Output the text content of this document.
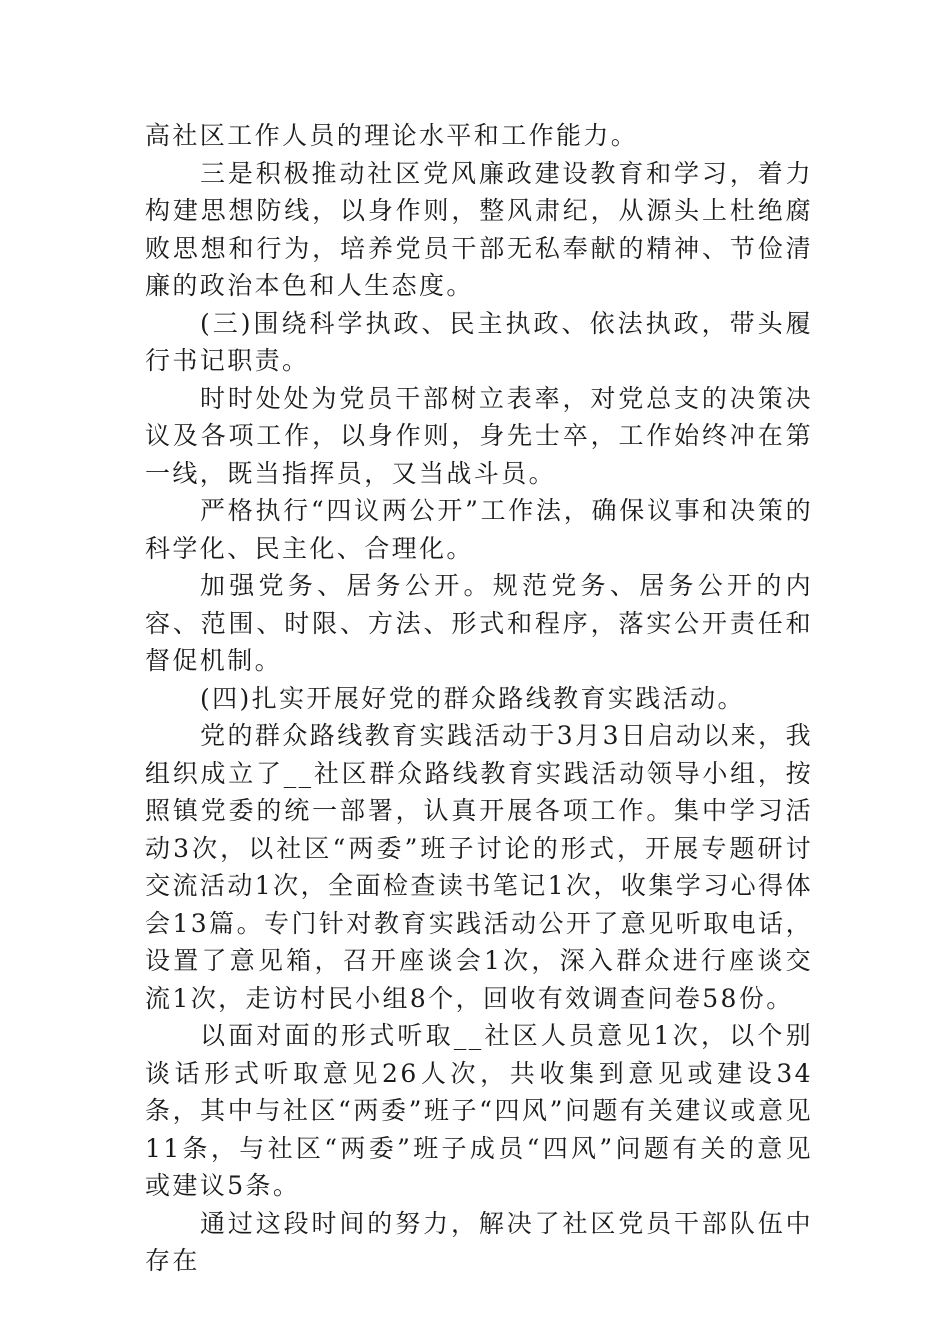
高社区工作人员的理论水平和工作能力。

三是积极推动社区党风廉政建设教育和学习，着力构建思想防线，以身作则，整风肃纪，从源头上杜绝腐败思想和行为，培养党员干部无私奉献的精神、节俭清廉的政治本色和人生态度。

(三)围绕科学执政、民主执政、依法执政，带头履行书记职责。

时时处处为党员干部树立表率，对党总支的决策决议及各项工作，以身作则，身先士卒，工作始终冲在第一线，既当指挥员，又当战斗员。

严格执行“四议两公开”工作法，确保议事和决策的科学化、民主化、合理化。

加强党务、居务公开。规范党务、居务公开的内容、范围、时限、方法、形式和程序，落实公开责任和督促机制。

(四)扎实开展好党的群众路线教育实践活动。

党的群众路线教育实践活动于3月3日启动以来，我组织成立了__社区群众路线教育实践活动领导小组，按照镇党委的统一部署，认真开展各项工作。集中学习活动3次，以社区“两委”班子讨论的形式，开展专题研讨交流活动1次，全面检查读书笔记1次，收集学习心得体会13篇。专门针对教育实践活动公开了意见听取电话，设置了意见箱，召开座谈会1次，深入群众进行座谈交流1次，走访村民小组8个，回收有效调查问卷58份。

以面对面的形式听取__社区人员意见1次，以个别谈话形式听取意见26人次，共收集到意见或建设34条，其中与社区“两委”班子“四风”问题有关建议或意见11条，与社区“两委”班子成员“四风”问题有关的意见或建议5条。

通过这段时间的努力，解决了社区党员干部队伍中存在
